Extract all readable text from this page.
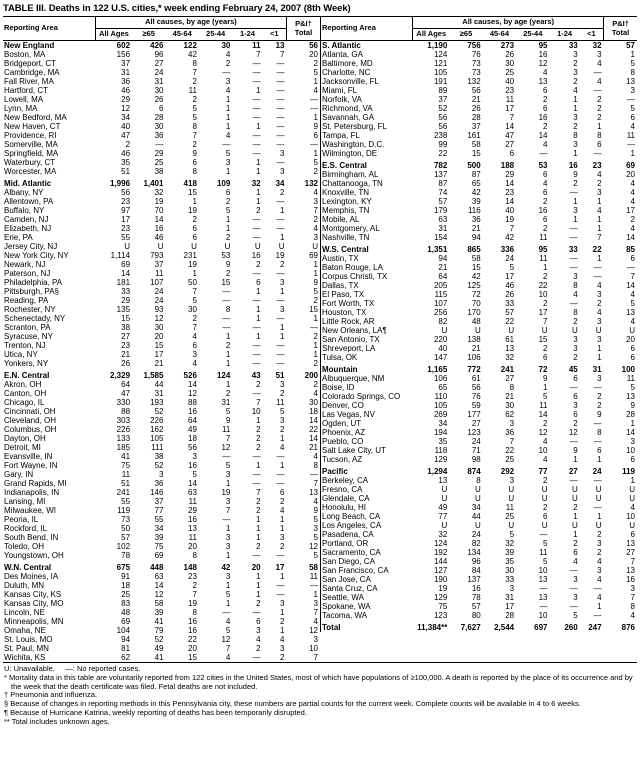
TABLE III. Deaths in 122 U.S. cities,* week ending February 24, 2007 (8th Week)
Reporting Area	All causes, by age (years)						P&I† Total
	All Ages	≥65	45-64	25-44	1-24	<1	
New England	602	426	122	30	11	13	56
Boston, MA	156	96	42	4	7	7	20
Bridgeport, CT	37	27	8	2	—	—	2
Cambridge, MA	31	24	7	—	—	—	5
Fall River, MA	36	31	2	3	—	—	1
Hartford, CT	46	30	11	4	1	—	4
Lowell, MA	29	26	2	1	—	—	—
Lynn, MA	12	6	5	1	—	—	—
New Bedford, MA	34	28	5	1	—	—	1
New Haven, CT	40	30	8	1	1	—	9
Providence, RI	47	36	7	4	—	—	6
Somerville, MA	2	—	2	—	—	—	—
Springfield, MA	46	29	9	5	—	3	1
Waterbury, CT	35	25	6	3	1	—	5
Worcester, MA	51	38	8	1	1	3	2
Mid. Atlantic	1,996	1,401	418	109	32	34	132
Albany, NY	56	32	15	6	1	2	4
Allentown, PA	23	19	1	2	1	—	3
Buffalo, NY	97	70	19	5	2	1	7
Camden, NJ	17	14	2	1	—	—	2
Elizabeth, NJ	23	16	6	1	—	—	4
Erie, PA	55	46	6	2	—	1	3
Jersey City, NJ	U	U	U	U	U	U	U
New York City, NY	1,114	793	231	53	16	19	69
Newark, NJ	69	37	19	9	2	2	1
Paterson, NJ	14	11	1	2	—	—	1
Philadelphia, PA	181	107	50	15	6	3	9
Pittsburgh, PA§	33	24	7	—	1	1	5
Reading, PA	29	24	5	—	—	—	2
Rochester, NY	135	93	30	8	1	3	15
Schenectady, NY	15	12	2	—	1	—	1
Scranton, PA	38	30	7	—	—	1	—
Syracuse, NY	27	20	4	1	1	1	2
Trenton, NJ	23	15	6	2	—	—	1
Utica, NY	21	17	3	1	—	—	1
Yonkers, NY	26	21	4	1	—	—	2
E.N. Central	2,329	1,585	526	124	43	51	200
Akron, OH	64	44	14	1	2	3	2
Canton, OH	47	31	12	2	—	2	4
Chicago, IL	330	193	88	31	7	11	30
Cincinnati, OH	88	52	16	5	10	5	18
Cleveland, OH	303	226	64	9	1	3	14
Columbus, OH	226	162	49	11	2	2	22
Dayton, OH	133	105	18	7	2	1	14
Detroit, MI	185	111	56	12	2	4	21
Evansville, IN	41	38	3	—	—	—	4
Fort Wayne, IN	75	52	16	5	1	1	8
Gary, IN	11	3	5	3	—	—	—
Grand Rapids, MI	51	36	14	1	—	—	7
Indianapolis, IN	241	146	63	19	7	6	13
Lansing, MI	55	37	11	3	2	2	4
Milwaukee, WI	119	77	29	7	2	4	9
Peoria, IL	73	55	16	—	1	1	5
Rockford, IL	50	34	13	1	1	1	3
South Bend, IN	57	39	11	3	1	3	5
Toledo, OH	102	75	20	3	2	2	12
Youngstown, OH	78	69	8	1	—	—	5
W.N. Central	675	448	148	42	20	17	58
Des Moines, IA	91	63	23	3	1	1	11
Duluth, MN	18	14	2	1	1	—	—
Kansas City, KS	25	12	7	5	1	—	1
Kansas City, MO	83	58	19	1	2	3	3
Lincoln, NE	48	39	8	—	—	1	7
Minneapolis, MN	69	41	16	4	6	2	4
Omaha, NE	104	79	16	5	3	1	12
St. Louis, MO	94	52	22	12	4	4	3
St. Paul, MN	81	49	20	7	2	3	10
Wichita, KS	62	41	15	4	—	2	7
Reporting Area	All causes, by age (years)						P&I† Total
	All Ages	≥65	45-64	25-44	1-24	<1	
S. Atlantic	1,190	756	273	95	33	32	57
Atlanta, GA	124	76	26	16	3	3	1
Baltimore, MD	121	73	30	12	2	4	5
Charlotte, NC	105	73	25	4	3	—	8
Jacksonville, FL	191	132	40	13	2	4	13
Miami, FL	89	56	23	6	4	—	3
Norfolk, VA	37	21	11	2	1	2	—
Richmond, VA	52	26	17	6	1	2	5
Savannah, GA	56	28	7	16	3	2	6
St. Petersburg, FL	56	37	14	2	2	1	4
Tampa, FL	238	161	47	14	8	8	11
Washington, D.C.	99	58	27	4	3	6	—
Wilmington, DE	22	15	6	—	1	—	1
E.S. Central	782	500	188	53	16	23	69
Birmingham, AL	137	87	29	6	9	4	20
Chattanooga, TN	87	65	14	4	2	2	4
Knoxville, TN	74	42	23	6	—	3	4
Lexington, KY	57	39	14	2	1	1	4
Memphis, TN	179	116	40	16	3	4	17
Mobile, AL	63	36	19	6	1	1	2
Montgomery, AL	31	21	7	2	—	1	4
Nashville, TN	154	94	42	11	—	7	14
W.S. Central	1,351	865	336	95	33	22	85
Austin, TX	94	58	24	11	—	1	6
Baton Rouge, LA	21	15	5	1	—	—	—
Corpus Christi, TX	64	42	17	2	3	—	7
Dallas, TX	205	125	46	22	8	4	14
El Paso, TX	115	72	26	10	4	3	4
Fort Worth, TX	107	70	33	2	—	2	5
Houston, TX	256	170	57	17	8	4	13
Little Rock, AR	82	48	22	7	2	3	4
New Orleans, LA¶	U	U	U	U	U	U	U
San Antonio, TX	220	138	61	15	3	3	20
Shreveport, LA	40	21	13	2	3	1	6
Tulsa, OK	147	106	32	6	2	1	6
Mountain	1,165	772	241	72	45	31	100
Albuquerque, NM	106	61	27	9	6	3	11
Boise, ID	65	56	8	1	—	—	5
Colorado Springs, CO	110	76	21	5	6	2	13
Denver, CO	105	59	30	11	3	2	9
Las Vegas, NV	269	177	62	14	6	9	28
Ogden, UT	34	27	3	2	2	—	1
Phoenix, AZ	194	123	36	12	12	8	14
Pueblo, CO	35	24	7	4	—	—	3
Salt Lake City, UT	118	71	22	10	9	6	10
Tucson, AZ	129	98	25	4	1	1	6
Pacific	1,294	874	292	77	27	24	119
Berkeley, CA	13	8	3	2	—	—	1
Fresno, CA	U	U	U	U	U	U	U
Glendale, CA	U	U	U	U	U	U	U
Honolulu, HI	49	34	11	2	2	—	4
Long Beach, CA	77	44	25	6	1	1	10
Los Angeles, CA	U	U	U	U	U	U	U
Pasadena, CA	32	24	5	—	1	2	6
Portland, OR	124	82	32	5	2	3	13
Sacramento, CA	192	134	39	11	6	2	27
San Diego, CA	144	96	35	5	4	4	7
San Francisco, CA	127	84	30	10	—	3	13
San Jose, CA	190	137	33	13	3	4	16
Santa Cruz, CA	19	16	3	—	—	—	3
Seattle, WA	129	78	31	13	3	4	7
Spokane, WA	75	57	17	—	—	1	8
Tacoma, WA	123	80	28	10	5	—	4
Total	11,384**	7,627	2,544	697	260	247	876
U: Unavailable.     —: No reported cases.
* Mortality data in this table are voluntarily reported from 122 cities in the United States, most of which have populations of ≥100,000. A death is reported by the place of its occurrence and by the week that the death certificate was filed. Fetal deaths are not included.
† Pneumonia and influenza.
§ Because of changes in reporting methods in this Pennsylvania city, these numbers are partial counts for the current week. Complete counts will be available in 4 to 6 weeks.
¶ Because of Hurricane Katrina, weekly reporting of deaths has been temporarily disrupted.
** Total includes unknown ages.
